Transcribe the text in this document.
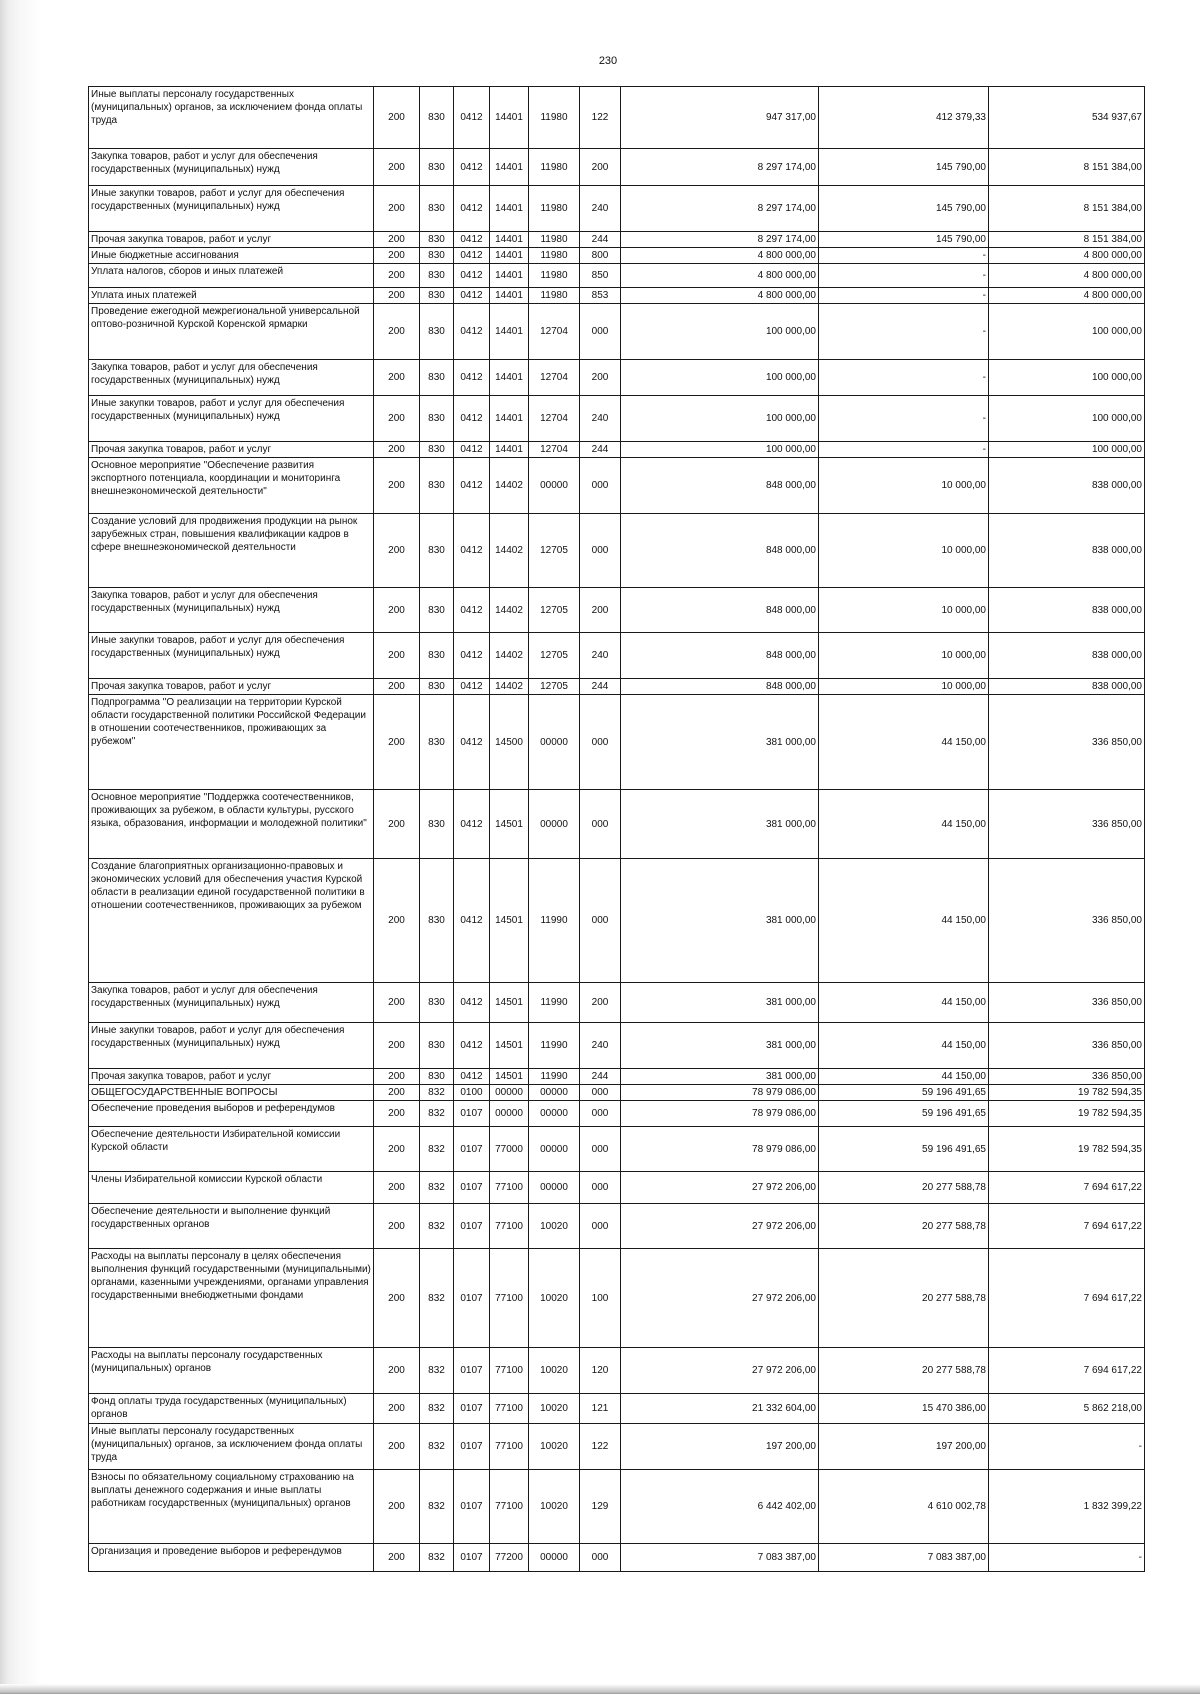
230
Иные выплаты персоналу государственных (муниципальных) органов, за исключением фонда оплаты труда	200	830	0412	14401	11980	122	947 317,00	412 379,33	534 937,67
Закупка товаров, работ и услуг для обеспечения государственных (муниципальных) нужд	200	830	0412	14401	11980	200	8 297 174,00	145 790,00	8 151 384,00
Иные закупки товаров, работ и услуг для обеспечения государственных (муниципальных) нужд	200	830	0412	14401	11980	240	8 297 174,00	145 790,00	8 151 384,00
Прочая закупка товаров, работ и услуг	200	830	0412	14401	11980	244	8 297 174,00	145 790,00	8 151 384,00
Иные бюджетные ассигнования	200	830	0412	14401	11980	800	4 800 000,00	-	4 800 000,00
Уплата налогов, сборов и иных платежей	200	830	0412	14401	11980	850	4 800 000,00	-	4 800 000,00
Уплата иных платежей	200	830	0412	14401	11980	853	4 800 000,00	-	4 800 000,00
Проведение ежегодной межрегиональной универсальной оптово-розничной Курской Коренской ярмарки	200	830	0412	14401	12704	000	100 000,00	-	100 000,00
Закупка товаров, работ и услуг для обеспечения государственных (муниципальных) нужд	200	830	0412	14401	12704	200	100 000,00	-	100 000,00
Иные закупки товаров, работ и услуг для обеспечения государственных (муниципальных) нужд	200	830	0412	14401	12704	240	100 000,00	-	100 000,00
Прочая закупка товаров, работ и услуг	200	830	0412	14401	12704	244	100 000,00	-	100 000,00
Основное мероприятие "Обеспечение развития экспортного потенциала, координации и мониторинга внешнеэкономической деятельности"	200	830	0412	14402	00000	000	848 000,00	10 000,00	838 000,00
Создание условий для продвижения продукции на рынок зарубежных стран, повышения квалификации кадров в сфере внешнеэкономической деятельности	200	830	0412	14402	12705	000	848 000,00	10 000,00	838 000,00
Закупка товаров, работ и услуг для обеспечения государственных (муниципальных) нужд	200	830	0412	14402	12705	200	848 000,00	10 000,00	838 000,00
Иные закупки товаров, работ и услуг для обеспечения государственных (муниципальных) нужд	200	830	0412	14402	12705	240	848 000,00	10 000,00	838 000,00
Прочая закупка товаров, работ и услуг	200	830	0412	14402	12705	244	848 000,00	10 000,00	838 000,00
Подпрограмма "О реализации на территории Курской области государственной политики Российской Федерации в отношении соотечественников, проживающих за рубежом"	200	830	0412	14500	00000	000	381 000,00	44 150,00	336 850,00
Основное мероприятие "Поддержка соотечественников, проживающих за рубежом, в области культуры, русского языка, образования, информации и молодежной политики"	200	830	0412	14501	00000	000	381 000,00	44 150,00	336 850,00
Создание благоприятных организационно-правовых и экономических условий для обеспечения участия Курской области в реализации единой государственной политики в отношении соотечественников, проживающих за рубежом	200	830	0412	14501	11990	000	381 000,00	44 150,00	336 850,00
Закупка товаров, работ и услуг для обеспечения государственных (муниципальных) нужд	200	830	0412	14501	11990	200	381 000,00	44 150,00	336 850,00
Иные закупки товаров, работ и услуг для обеспечения государственных (муниципальных) нужд	200	830	0412	14501	11990	240	381 000,00	44 150,00	336 850,00
Прочая закупка товаров, работ и услуг	200	830	0412	14501	11990	244	381 000,00	44 150,00	336 850,00
ОБЩЕГОСУДАРСТВЕННЫЕ ВОПРОСЫ	200	832	0100	00000	00000	000	78 979 086,00	59 196 491,65	19 782 594,35
Обеспечение проведения выборов и референдумов	200	832	0107	00000	00000	000	78 979 086,00	59 196 491,65	19 782 594,35
Обеспечение деятельности Избирательной комиссии Курской области	200	832	0107	77000	00000	000	78 979 086,00	59 196 491,65	19 782 594,35
Члены Избирательной комиссии Курской области	200	832	0107	77100	00000	000	27 972 206,00	20 277 588,78	7 694 617,22
Обеспечение деятельности и выполнение функций государственных органов	200	832	0107	77100	10020	000	27 972 206,00	20 277 588,78	7 694 617,22
Расходы на выплаты персоналу в целях обеспечения выполнения функций государственными (муниципальными) органами, казенными учреждениями, органами управления государственными внебюджетными фондами	200	832	0107	77100	10020	100	27 972 206,00	20 277 588,78	7 694 617,22
Расходы на выплаты персоналу государственных (муниципальных) органов	200	832	0107	77100	10020	120	27 972 206,00	20 277 588,78	7 694 617,22
Фонд оплаты труда государственных (муниципальных) органов	200	832	0107	77100	10020	121	21 332 604,00	15 470 386,00	5 862 218,00
Иные выплаты персоналу государственных (муниципальных) органов, за исключением фонда оплаты труда	200	832	0107	77100	10020	122	197 200,00	197 200,00	-
Взносы по обязательному социальному страхованию на выплаты денежного содержания и иные выплаты работникам государственных (муниципальных) органов	200	832	0107	77100	10020	129	6 442 402,00	4 610 002,78	1 832 399,22
Организация и проведение выборов и референдумов	200	832	0107	77200	00000	000	7 083 387,00	7 083 387,00	-
